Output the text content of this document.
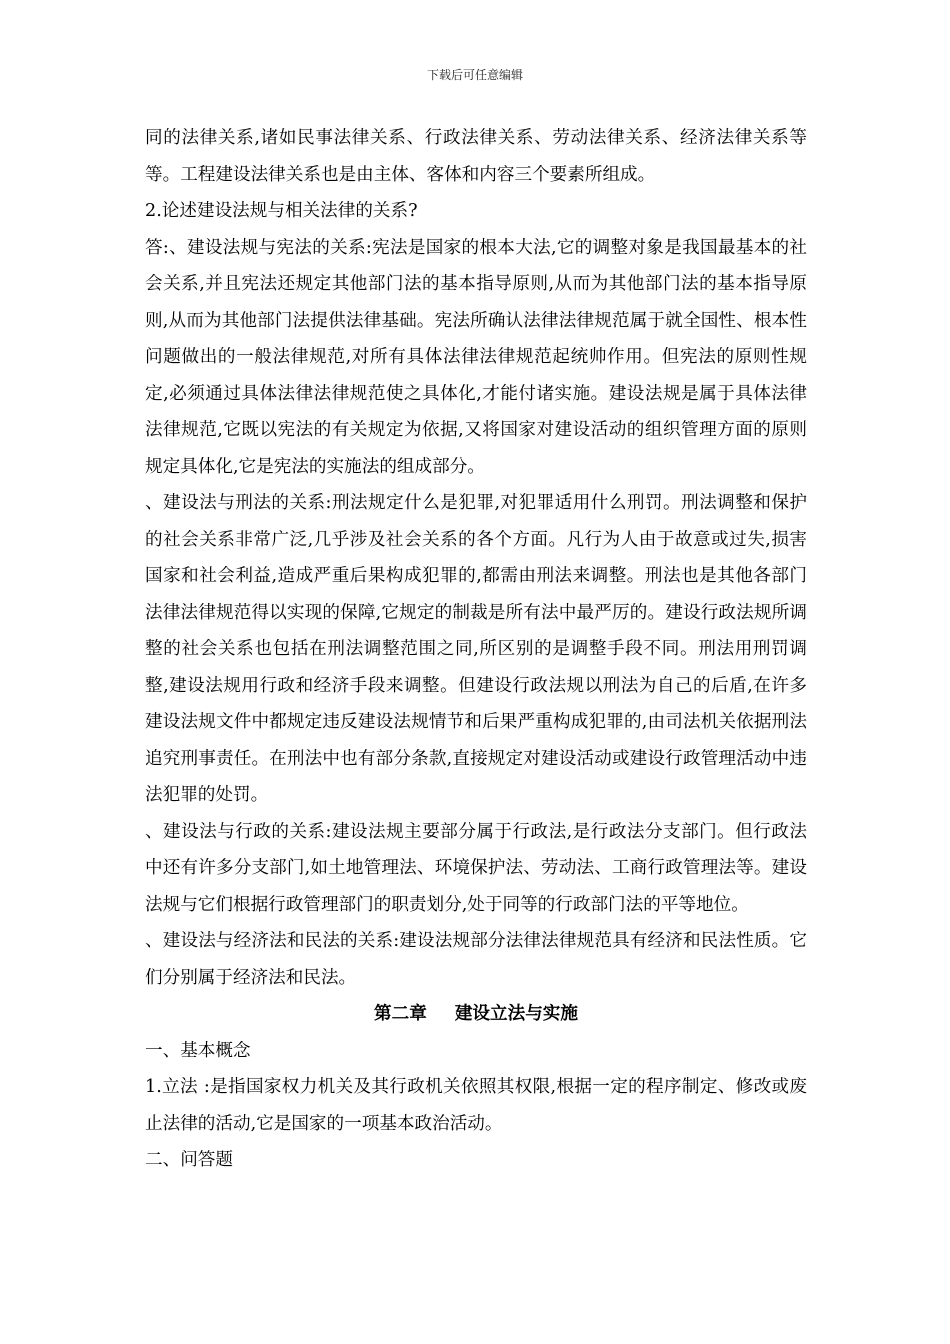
下载后可任意编辑

同的法律关系,诸如民事法律关系、行政法律关系、劳动法律关系、经济法律关系等等。工程建设法律关系也是由主体、客体和内容三个要素所组成。

2.论述建设法规与相关法律的关系?

答:、建设法规与宪法的关系:宪法是国家的根本大法,它的调整对象是我国最基本的社会关系,并且宪法还规定其他部门法的基本指导原则,从而为其他部门法的基本指导原则,从而为其他部门法提供法律基础。宪法所确认法律法律规范属于就全国性、根本性问题做出的一般法律规范,对所有具体法律法律规范起统帅作用。但宪法的原则性规定,必须通过具体法律法律规范使之具体化,才能付诸实施。建设法规是属于具体法律法律规范,它既以宪法的有关规定为依据,又将国家对建设活动的组织管理方面的原则规定具体化,它是宪法的实施法的组成部分。

、建设法与刑法的关系:刑法规定什么是犯罪,对犯罪适用什么刑罚。刑法调整和保护的社会关系非常广泛,几乎涉及社会关系的各个方面。凡行为人由于故意或过失,损害国家和社会利益,造成严重后果构成犯罪的,都需由刑法来调整。刑法也是其他各部门法律法律规范得以实现的保障,它规定的制裁是所有法中最严厉的。建设行政法规所调整的社会关系也包括在刑法调整范围之同,所区别的是调整手段不同。刑法用刑罚调整,建设法规用行政和经济手段来调整。但建设行政法规以刑法为自己的后盾,在许多建设法规文件中都规定违反建设法规情节和后果严重构成犯罪的,由司法机关依据刑法追究刑事责任。在刑法中也有部分条款,直接规定对建设活动或建设行政管理活动中违法犯罪的处罚。

、建设法与行政的关系:建设法规主要部分属于行政法,是行政法分支部门。但行政法中还有许多分支部门,如土地管理法、环境保护法、劳动法、工商行政管理法等。建设法规与它们根据行政管理部门的职责划分,处于同等的行政部门法的平等地位。

、建设法与经济法和民法的关系:建设法规部分法律法律规范具有经济和民法性质。它们分别属于经济法和民法。

第二章 建设立法与实施

一、基本概念

1.立法 :是指国家权力机关及其行政机关依照其权限,根据一定的程序制定、修改或废止法律的活动,它是国家的一项基本政治活动。

二、问答题
